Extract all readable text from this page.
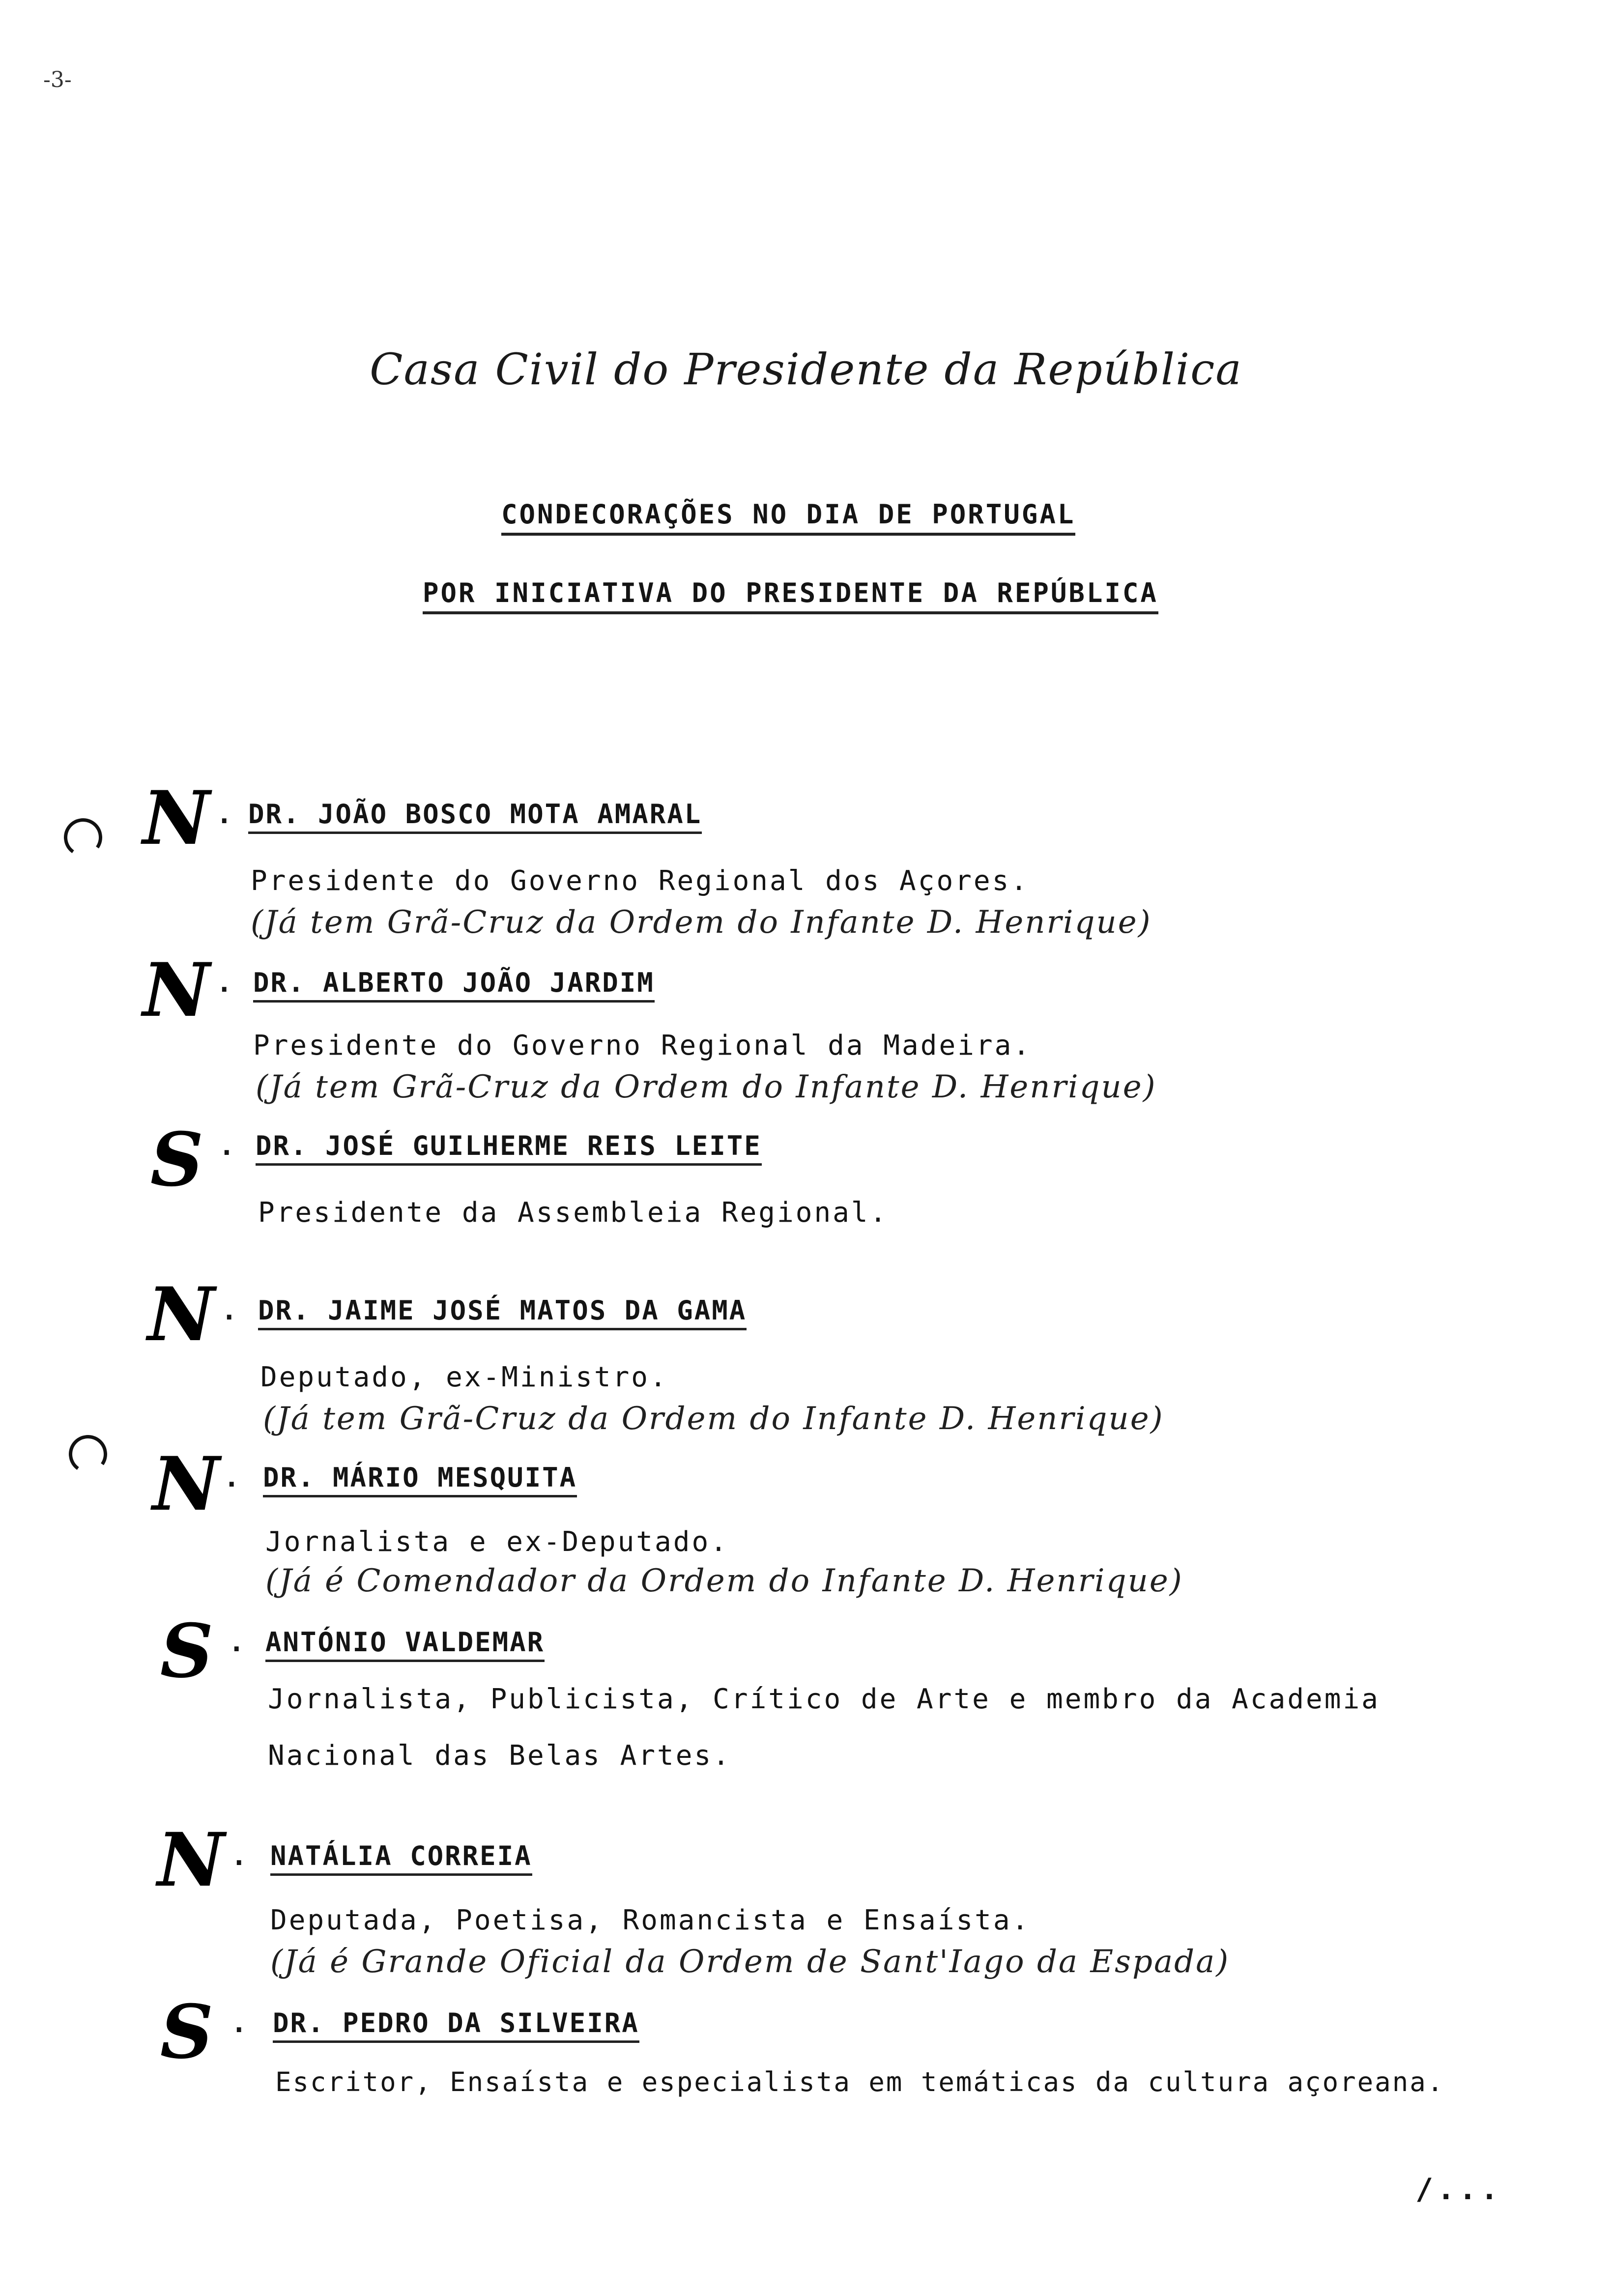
-3-
Casa Civil do Presidente da República
CONDECORAÇÕES NO DIA DE PORTUGAL
POR INICIATIVA DO PRESIDENTE DA REPÚBLICA
N . DR. JOÃO BOSCO MOTA AMARAL
Presidente do Governo Regional dos Açores.
(Já tem Grã-Cruz da Ordem do Infante D. Henrique)
N . DR. ALBERTO JOÃO JARDIM
Presidente do Governo Regional da Madeira.
(Já tem Grã-Cruz da Ordem do Infante D. Henrique)
S . DR. JOSÉ GUILHERME REIS LEITE
Presidente da Assembleia Regional.
N . DR. JAIME JOSÉ MATOS DA GAMA
Deputado, ex-Ministro.
(Já tem Grã-Cruz da Ordem do Infante D. Henrique)
N . DR. MÁRIO MESQUITA
Jornalista e ex-Deputado.
(Já é Comendador da Ordem do Infante D. Henrique)
S . ANTÓNIO VALDEMAR
Jornalista, Publicista, Crítico de Arte e membro da Academia
Nacional das Belas Artes.
N . NATÁLIA CORREIA
Deputada, Poetisa, Romancista e Ensaísta.
(Já é Grande Oficial da Ordem de Sant'Iago da Espada)
S . DR. PEDRO DA SILVEIRA
Escritor, Ensaísta e especialista em temáticas da cultura açoreana.
/...
